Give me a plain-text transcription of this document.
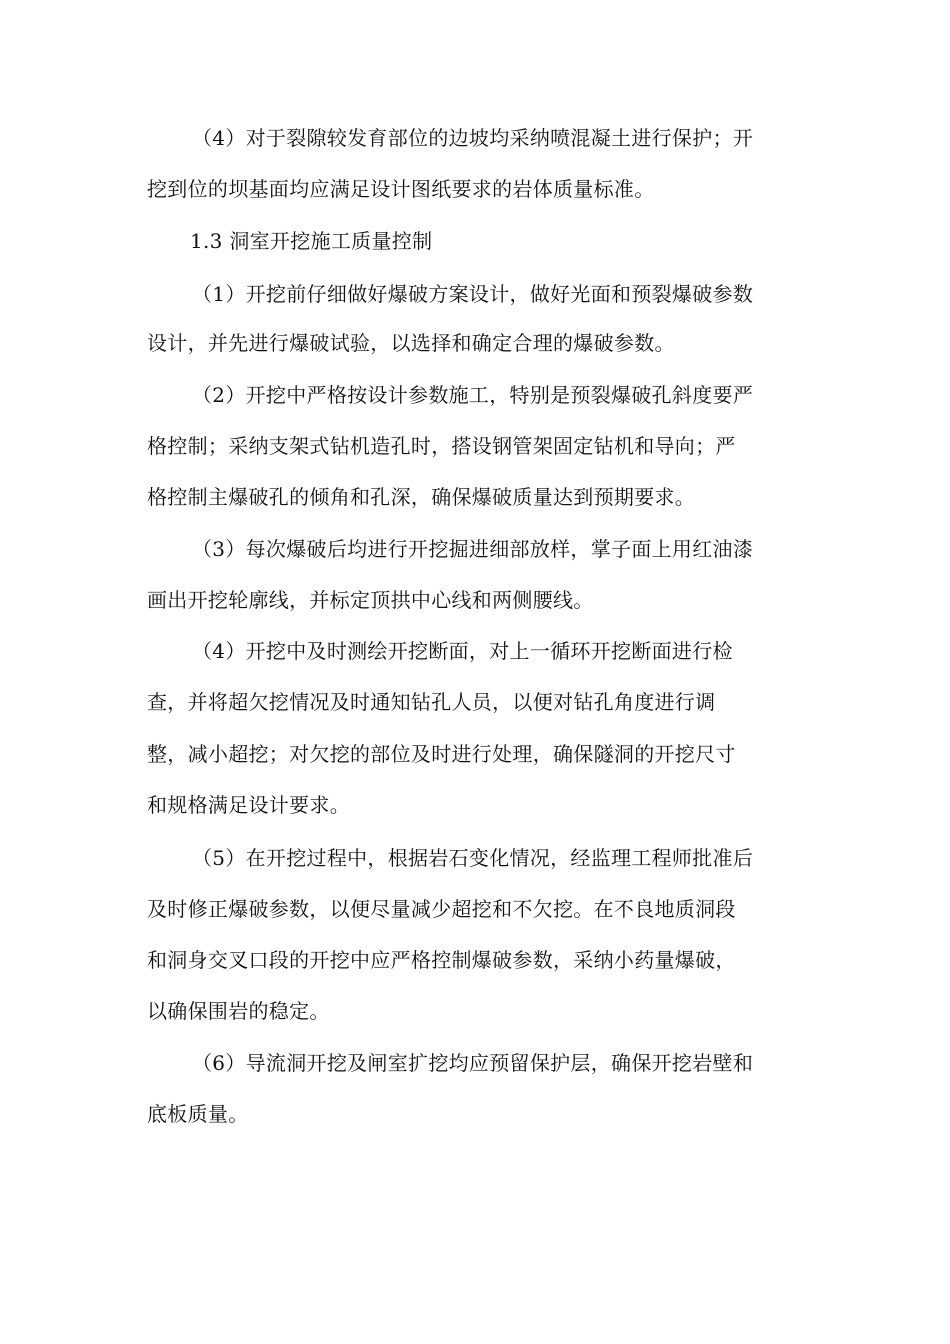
（4）对于裂隙较发育部位的边坡均采纳喷混凝土进行保护；开
挖到位的坝基面均应满足设计图纸要求的岩体质量标准。
1.3 洞室开挖施工质量控制
（1）开挖前仔细做好爆破方案设计，做好光面和预裂爆破参数
设计，并先进行爆破试验，以选择和确定合理的爆破参数。
（2）开挖中严格按设计参数施工，特别是预裂爆破孔斜度要严
格控制；采纳支架式钻机造孔时，搭设钢管架固定钻机和导向；严
格控制主爆破孔的倾角和孔深，确保爆破质量达到预期要求。
（3）每次爆破后均进行开挖掘进细部放样，掌子面上用红油漆
画出开挖轮廓线，并标定顶拱中心线和两侧腰线。
（4）开挖中及时测绘开挖断面，对上一循环开挖断面进行检
查，并将超欠挖情况及时通知钻孔人员，以便对钻孔角度进行调
整，减小超挖；对欠挖的部位及时进行处理，确保隧洞的开挖尺寸
和规格满足设计要求。
（5）在开挖过程中，根据岩石变化情况，经监理工程师批准后
及时修正爆破参数，以便尽量减少超挖和不欠挖。在不良地质洞段
和洞身交叉口段的开挖中应严格控制爆破参数，采纳小药量爆破，
以确保围岩的稳定。
（6）导流洞开挖及闸室扩挖均应预留保护层，确保开挖岩壁和
底板质量。
